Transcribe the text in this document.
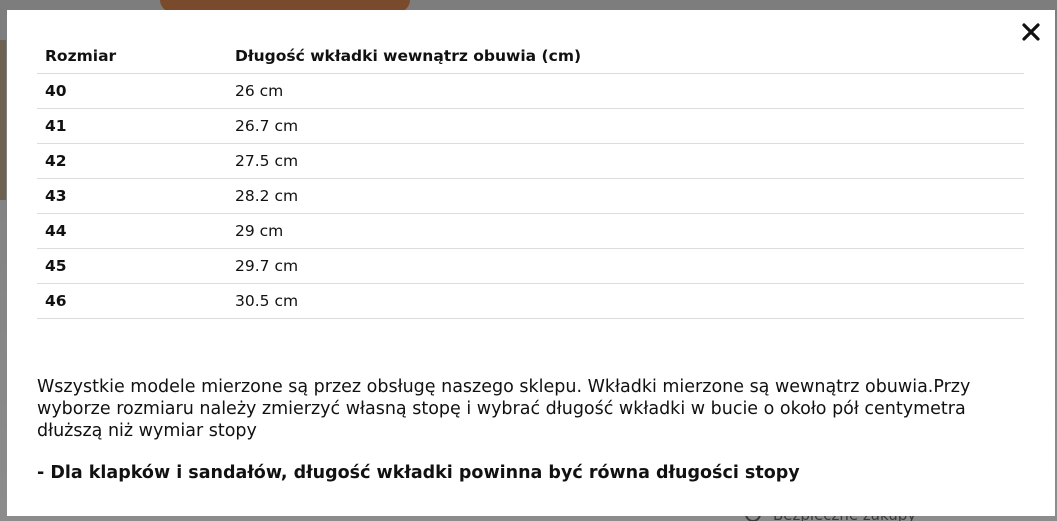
Rozmiar	Długość wkładki wewnątrz obuwia (cm)
40	26 cm
41	26.7 cm
42	27.5 cm
43	28.2 cm
44	29 cm
45	29.7 cm
46	30.5 cm

Wszystkie modele mierzone są przez obsługę naszego sklepu. Wkładki mierzone są wewnątrz obuwia.Przy wyborze rozmiaru należy zmierzyć własną stopę i wybrać długość wkładki w bucie o około pół centymetra dłuższą niż wymiar stopy

- Dla klapków i sandałów, długość wkładki powinna być równa długości stopy
